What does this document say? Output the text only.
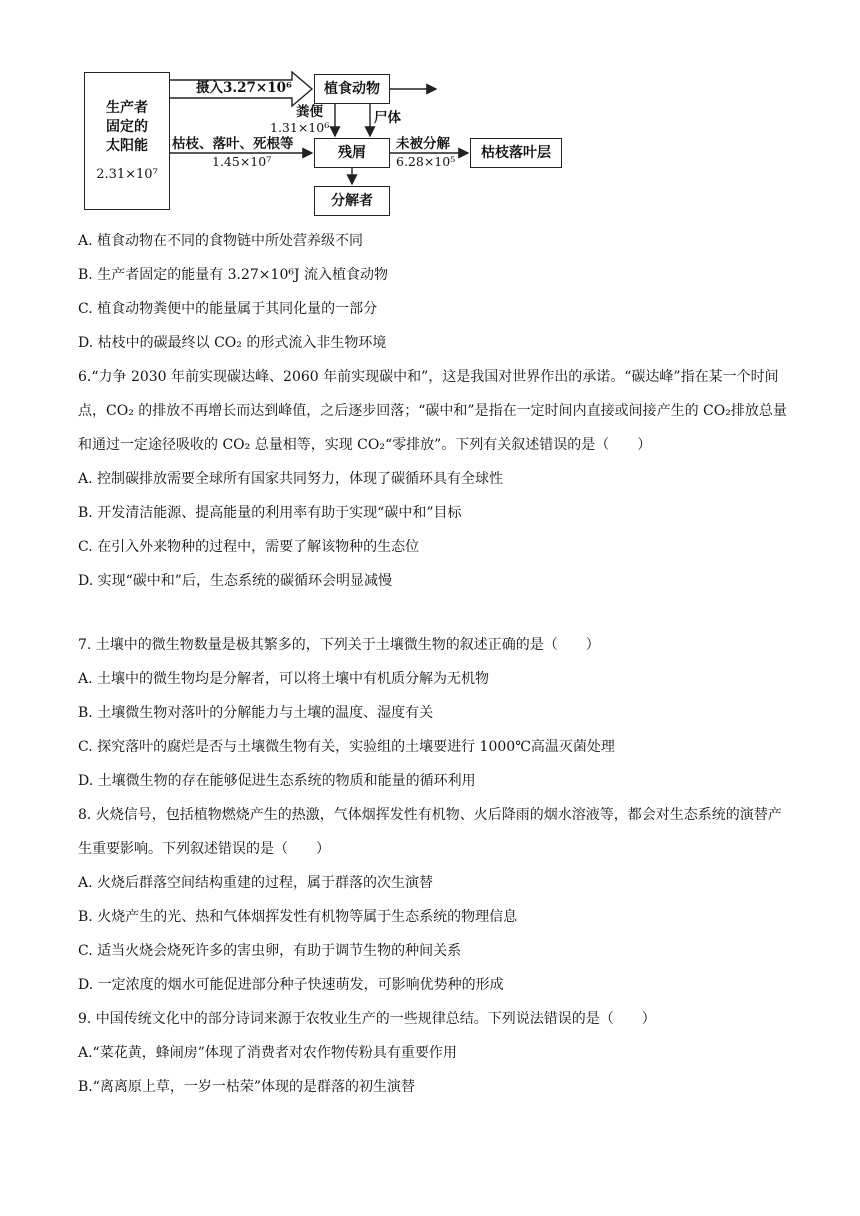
生产者
固定的
太阳能
2.31×10⁷
植食动物
残屑
分解者
枯枝落叶层
摄入3.27×10⁶
粪便
1.31×10⁶
尸体
枯枝、落叶、死根等
1.45×10⁷
未被分解
6.28×10⁵

A. 植食动物在不同的食物链中所处营养级不同

B. 生产者固定的能量有 3.27×10⁶J 流入植食动物

C. 植食动物粪便中的能量属于其同化量的一部分

D. 枯枝中的碳最终以 CO₂ 的形式流入非生物环境

6.“力争 2030 年前实现碳达峰、2060 年前实现碳中和”，这是我国对世界作出的承诺。“碳达峰”指在某一个时间点，CO₂ 的排放不再增长而达到峰值，之后逐步回落；“碳中和”是指在一定时间内直接或间接产生的 CO₂排放总量和通过一定途径吸收的 CO₂ 总量相等，实现 CO₂“零排放”。下列有关叙述错误的是（　　）

A. 控制碳排放需要全球所有国家共同努力，体现了碳循环具有全球性

B. 开发清洁能源、提高能量的利用率有助于实现“碳中和”目标

C. 在引入外来物种的过程中，需要了解该物种的生态位

D. 实现“碳中和”后，生态系统的碳循环会明显减慢

7. 土壤中的微生物数量是极其繁多的，下列关于土壤微生物的叙述正确的是（　　）

A. 土壤中的微生物均是分解者，可以将土壤中有机质分解为无机物

B. 土壤微生物对落叶的分解能力与土壤的温度、湿度有关

C. 探究落叶的腐烂是否与土壤微生物有关，实验组的土壤要进行 1000℃高温灭菌处理

D. 土壤微生物的存在能够促进生态系统的物质和能量的循环利用

8. 火烧信号，包括植物燃烧产生的热激，气体烟挥发性有机物、火后降雨的烟水溶液等，都会对生态系统的演替产生重要影响。下列叙述错误的是（　　）

A. 火烧后群落空间结构重建的过程，属于群落的次生演替

B. 火烧产生的光、热和气体烟挥发性有机物等属于生态系统的物理信息

C. 适当火烧会烧死许多的害虫卵，有助于调节生物的种间关系

D. 一定浓度的烟水可能促进部分种子快速萌发，可影响优势种的形成

9. 中国传统文化中的部分诗词来源于农牧业生产的一些规律总结。下列说法错误的是（　　）

A.“菜花黄，蜂闹房”体现了消费者对农作物传粉具有重要作用

B.“离离原上草，一岁一枯荣”体现的是群落的初生演替
